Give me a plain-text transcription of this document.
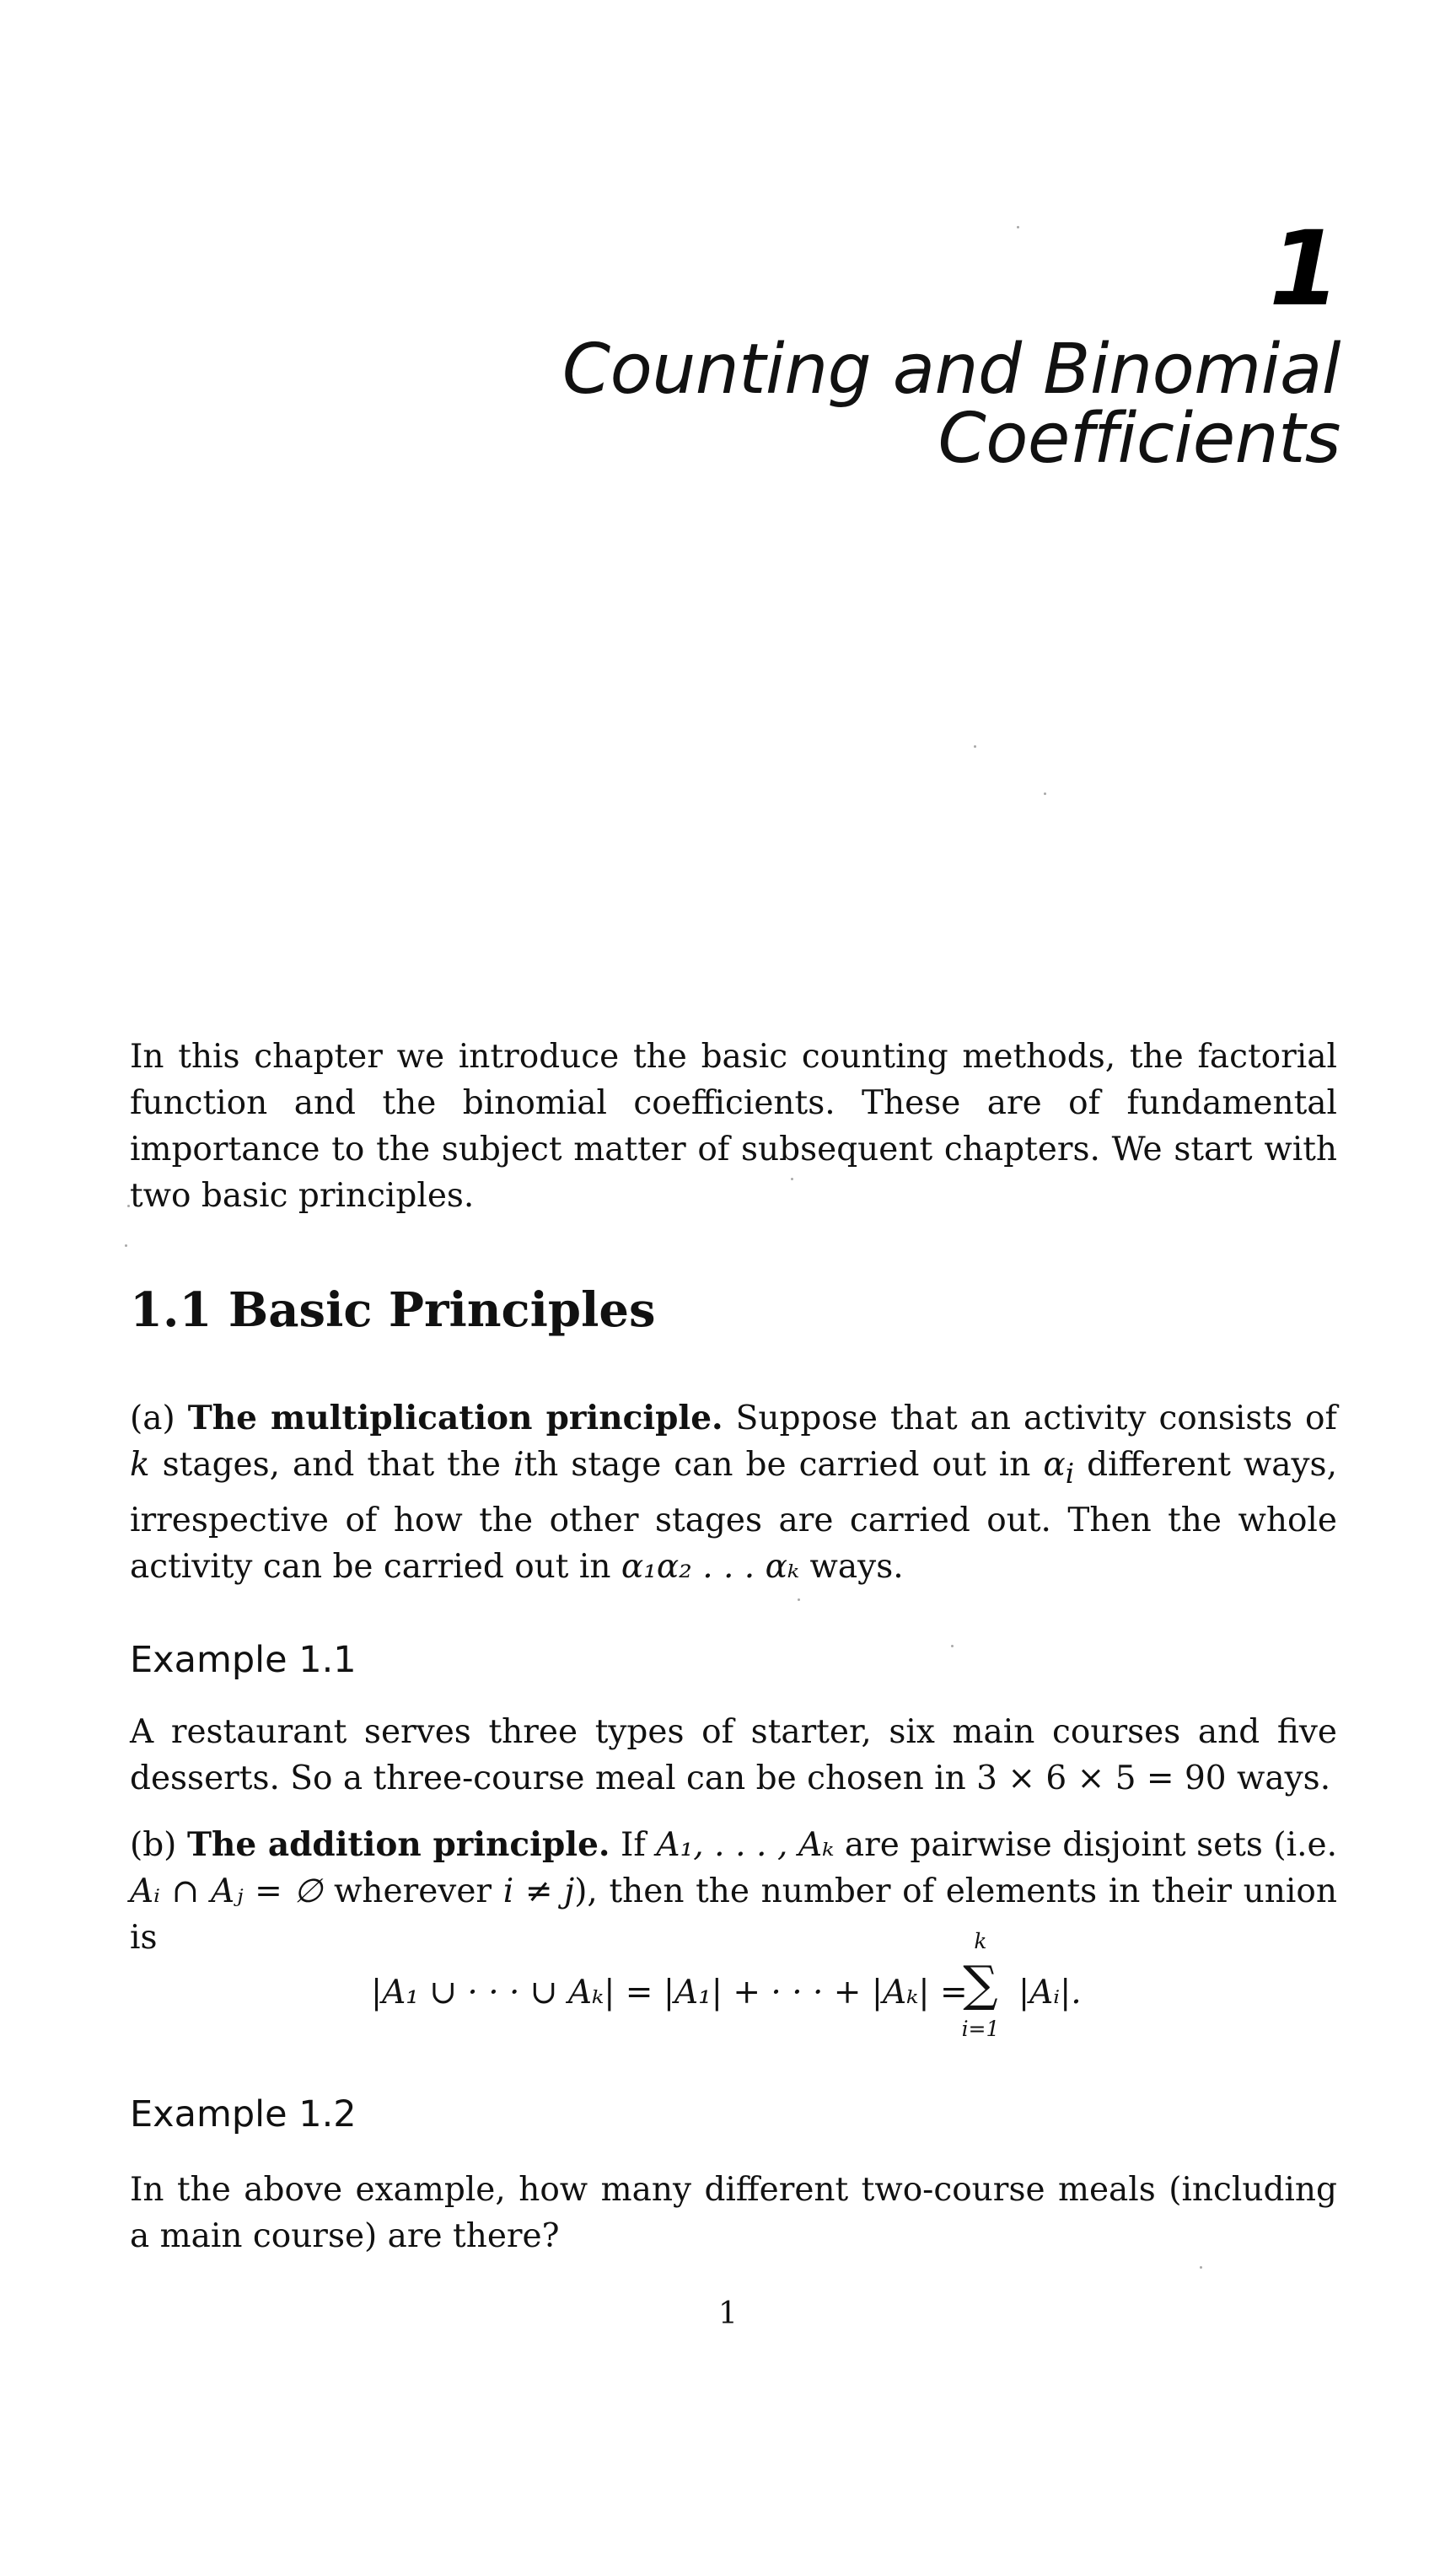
1
Counting and Binomial Coefficients
In this chapter we introduce the basic counting methods, the factorial function and the binomial coefficients. These are of fundamental importance to the subject matter of subsequent chapters. We start with two basic principles.
1.1 Basic Principles
(a) The multiplication principle. Suppose that an activity consists of k stages, and that the ith stage can be carried out in $\alpha_i$ different ways, irrespective of how the other stages are carried out. Then the whole activity can be carried out in α₁α₂ . . . αₖ ways.
Example 1.1
A restaurant serves three types of starter, six main courses and five desserts. So a three-course meal can be chosen in 3 × 6 × 5 = 90 ways.
(b) The addition principle. If A₁, . . . , Aₖ are pairwise disjoint sets (i.e. Aᵢ ∩ Aⱼ = ∅ wherever i ≠ j), then the number of elements in their union is
|A₁ ∪ · · · ∪ Aₖ| = |A₁| + · · · + |Aₖ| =
k
∑
i=1
|Aᵢ|.
Example 1.2
In the above example, how many different two-course meals (including a main course) are there?
1
